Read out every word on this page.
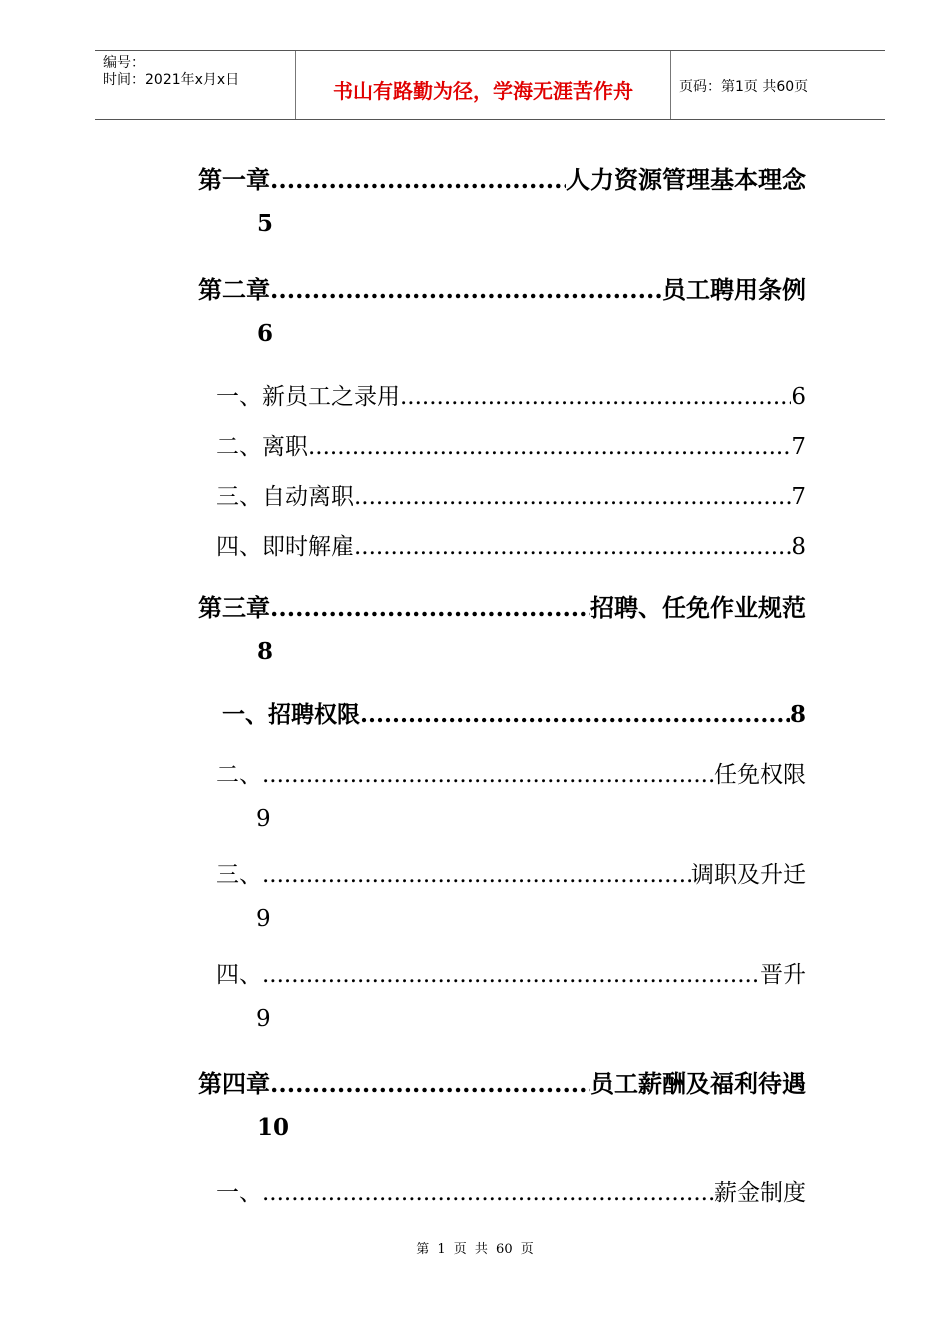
编号：
时间：2021年x月x日	书山有路勤为径，学海无涯苦作舟	页码：第1页 共60页
第一章 .....	人力资源管理基本理念
5
第二章 .....	员工聘用条例
6
一、新员工之录用 .....	6
二、离职 .....	7
三、自动离职 .....	7
四、即时解雇 .....	8
第三章 .....	招聘、任免作业规范
8
一、招聘权限 .....	8
二、 .....	任免权限
9
三、 .....	调职及升迁
9
四、 .....	晋升
9
第四章 .....	员工薪酬及福利待遇
10
一、 .....	薪金制度
第 1 页 共 60 页
